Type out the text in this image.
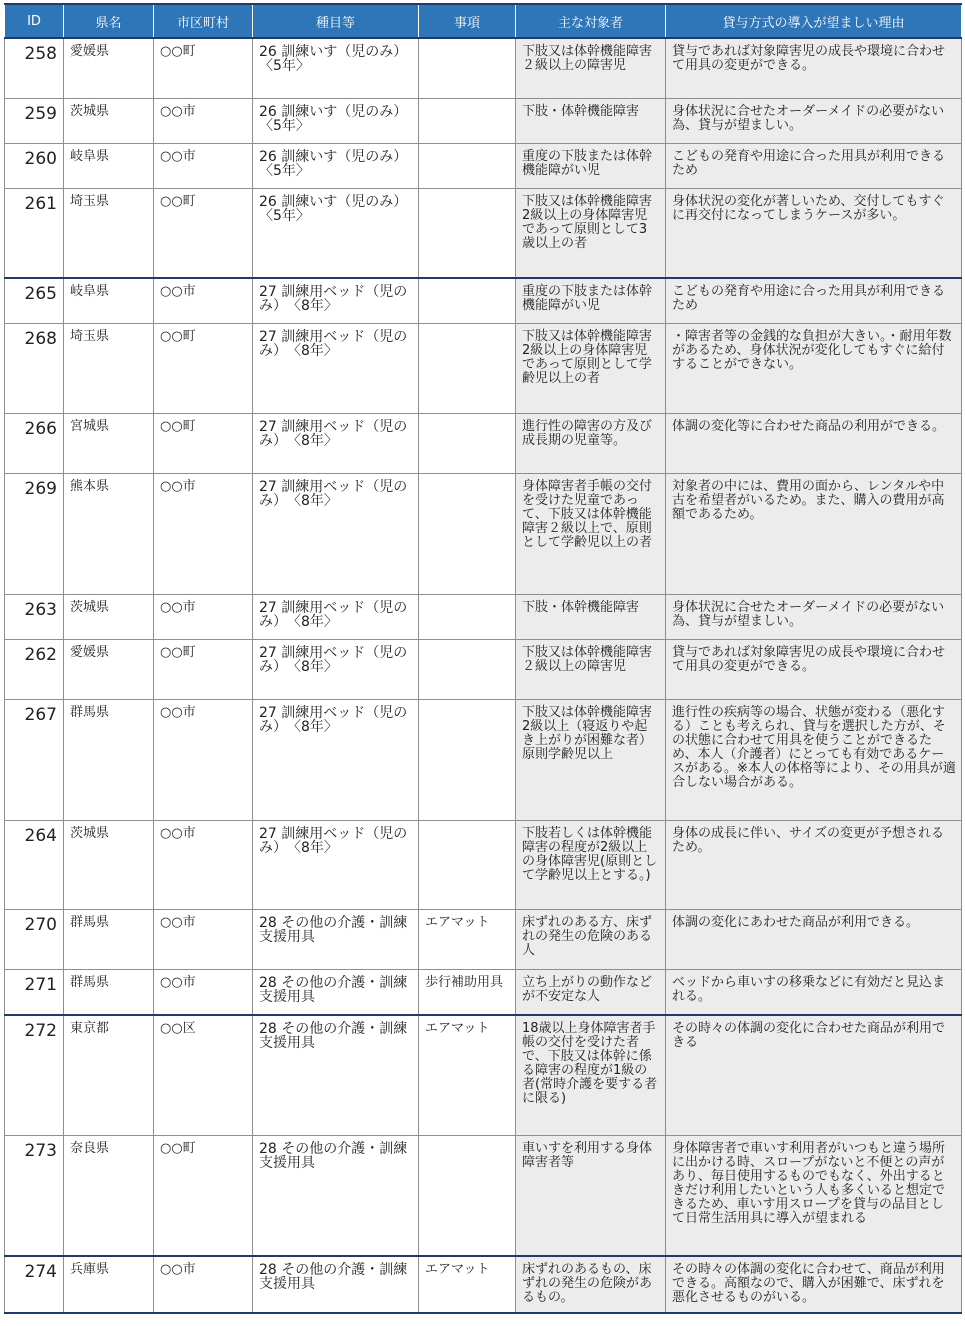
ID	県名	市区町村	種目等	事項	主な対象者	貸与方式の導入が望ましい理由
258	愛媛県	○○町	26 訓練いす（児のみ）　〈5年〉		下肢又は体幹機能障害２級以上の障害児	貸与であれば対象障害児の成長や環境に合わせて用具の変更ができる。
259	茨城県	○○市	26 訓練いす（児のみ）　〈5年〉		下肢・体幹機能障害	身体状況に合せたオーダーメイドの必要がない為、貸与が望ましい。
260	岐阜県	○○市	26 訓練いす（児のみ）　〈5年〉		重度の下肢または体幹機能障がい児	こどもの発育や用途に合った用具が利用できるため
261	埼玉県	○○町	26 訓練いす（児のみ）　〈5年〉		下肢又は体幹機能障害2級以上の身体障害児であって原則として3歳以上の者	身体状況の変化が著しいため、交付してもすぐに再交付になってしまうケースが多い。
265	岐阜県	○○市	27 訓練用ベッド（児のみ）　〈8年〉		重度の下肢または体幹機能障がい児	こどもの発育や用途に合った用具が利用できるため
268	埼玉県	○○町	27 訓練用ベッド（児のみ）　〈8年〉		下肢又は体幹機能障害2級以上の身体障害児であって原則として学齢児以上の者	・障害者等の金銭的な負担が大きい。・耐用年数があるため、身体状況が変化してもすぐに給付することができない。
266	宮城県	○○町	27 訓練用ベッド（児のみ）　〈8年〉		進行性の障害の方及び成長期の児童等。	体調の変化等に合わせた商品の利用ができる。
269	熊本県	○○市	27 訓練用ベッド（児のみ）　〈8年〉		身体障害者手帳の交付を受けた児童であって、下肢又は体幹機能障害２級以上で、原則として学齢児以上の者	対象者の中には、費用の面から、レンタルや中古を希望者がいるため。また、購入の費用が高額であるため。
263	茨城県	○○市	27 訓練用ベッド（児のみ）　〈8年〉		下肢・体幹機能障害	身体状況に合せたオーダーメイドの必要がない為、貸与が望ましい。
262	愛媛県	○○町	27 訓練用ベッド（児のみ）　〈8年〉		下肢又は体幹機能障害２級以上の障害児	貸与であれば対象障害児の成長や環境に合わせて用具の変更ができる。
267	群馬県	○○市	27 訓練用ベッド（児のみ）　〈8年〉		下肢又は体幹機能障害2級以上（寝返りや起き上がりが困難な者）原則学齢児以上	進行性の疾病等の場合、状態が変わる（悪化する）ことも考えられ、貸与を選択した方が、その状態に合わせて用具を使うことができるため、本人（介護者）にとっても有効であるケースがある。※本人の体格等により、その用具が適合しない場合がある。
264	茨城県	○○市	27 訓練用ベッド（児のみ）　〈8年〉		下肢若しくは体幹機能障害の程度が2級以上の身体障害児(原則として学齢児以上とする。)	身体の成長に伴い、サイズの変更が予想されるため。
270	群馬県	○○市	28 その他の介護・訓練支援用具	エアマット	床ずれのある方、床ずれの発生の危険のある人	体調の変化にあわせた商品が利用できる。
271	群馬県	○○市	28 その他の介護・訓練支援用具	歩行補助用具	立ち上がりの動作などが不安定な人	ベッドから車いすの移乗などに有効だと見込まれる。
272	東京都	○○区	28 その他の介護・訓練支援用具	エアマット	18歳以上身体障害者手帳の交付を受けた者で、下肢又は体幹に係る障害の程度が1級の者(常時介護を要する者に限る)	その時々の体調の変化に合わせた商品が利用できる
273	奈良県	○○町	28 その他の介護・訓練支援用具		車いすを利用する身体障害者等	身体障害者で車いす利用者がいつもと違う場所に出かける時、スロープがないと不便との声があり、毎日使用するものでもなく、外出するときだけ利用したいという人も多くいると想定できるため、車いす用スロープを貸与の品目として日常生活用具に導入が望まれる
274	兵庫県	○○市	28 その他の介護・訓練支援用具	エアマット	床ずれのあるもの、床ずれの発生の危険があるもの。	その時々の体調の変化に合わせて、商品が利用できる。高額なので、購入が困難で、床ずれを悪化させるものがいる。
